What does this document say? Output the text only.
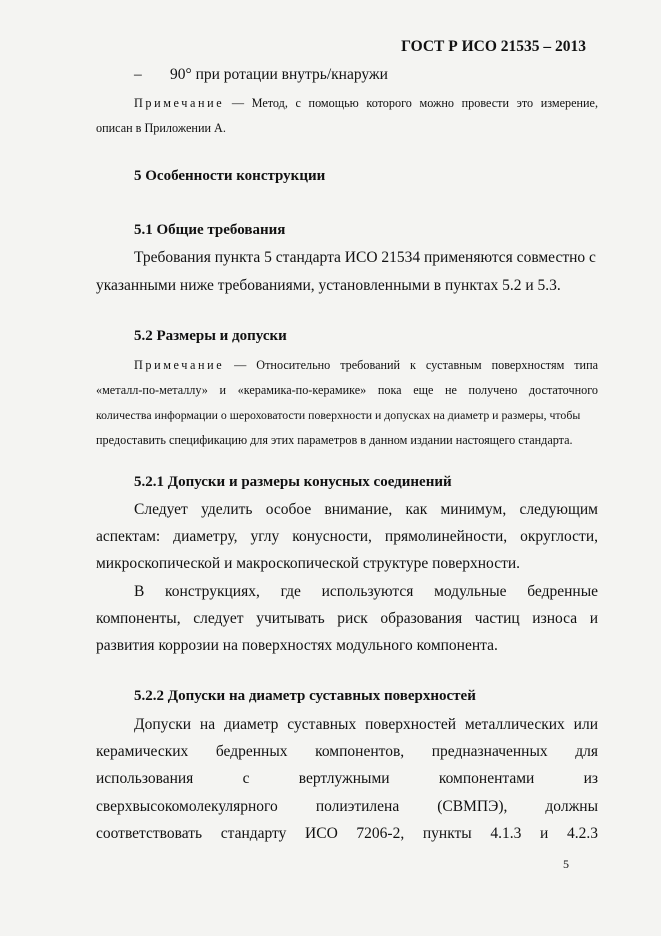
ГОСТ Р ИСО 21535 – 2013
– 90° при ротации внутрь/кнаружи
Примечание — Метод, с помощью которого можно провести это измерение,
описан в Приложении А.
5 Особенности конструкции
5.1 Общие требования
Требования пункта 5 стандарта ИСО 21534 применяются совместно с
указанными ниже требованиями, установленными в пунктах 5.2 и 5.3.
5.2 Размеры и допуски
Примечание — Относительно требований к суставным поверхностям типа
«металл-по-металлу» и «керамика-по-керамике» пока еще не получено достаточного
количества информации о шероховатости поверхности и допусках на диаметр и размеры, чтобы
предоставить спецификацию для этих параметров в данном издании настоящего стандарта.
5.2.1 Допуски и размеры конусных соединений
Следует уделить особое внимание, как минимум, следующим
аспектам: диаметру, углу конусности, прямолинейности, округлости,
микроскопической и макроскопической структуре поверхности.
В конструкциях, где используются модульные бедренные
компоненты, следует учитывать риск образования частиц износа и
развития коррозии на поверхностях модульного компонента.
5.2.2 Допуски на диаметр суставных поверхностей
Допуски на диаметр суставных поверхностей металлических или
керамических бедренных компонентов, предназначенных для
использования с вертлужными компонентами из
сверхвысокомолекулярного полиэтилена (СВМПЭ), должны
соответствовать стандарту ИСО 7206-2, пункты 4.1.3 и 4.2.3
5
